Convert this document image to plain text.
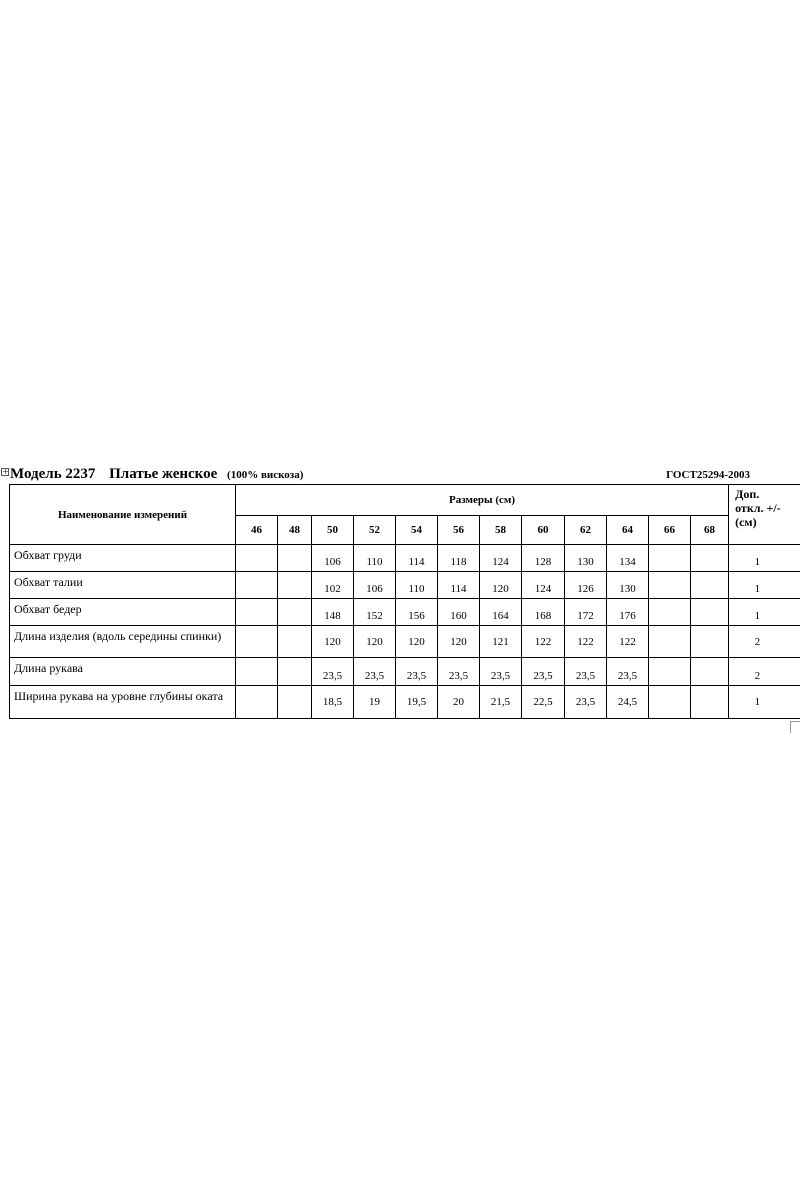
+ Модель 2237 Платье женское (100% вискоза)	ГОСТ25294-2003
Наименование измерений	Размеры (см)												Доп.
откл. +/-
(см)
	46	48	50	52	54	56	58	60	62	64	66	68	
Обхват груди			106	110	114	118	124	128	130	134			1
Обхват талии			102	106	110	114	120	124	126	130			1
Обхват бедер			148	152	156	160	164	168	172	176			1
Длина изделия (вдоль середины спинки)			120	120	120	120	121	122	122	122			2
Длина рукава			23,5	23,5	23,5	23,5	23,5	23,5	23,5	23,5			2
Ширина рукава на уровне глубины оката			18,5	19	19,5	20	21,5	22,5	23,5	24,5			1
